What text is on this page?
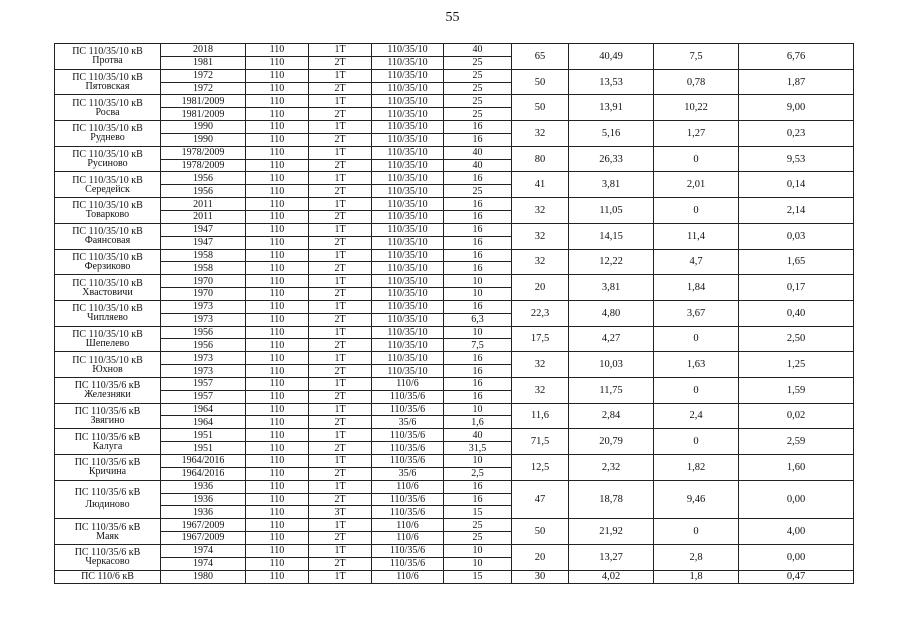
55
ПС 110/35/10 кВ	2018	110	1Т	110/35/10	40	65	40,49	7,5	6,76
Протва	1981	110	2Т	110/35/10	25				
ПС 110/35/10 кВ	1972	110	1Т	110/35/10	25	50	13,53	0,78	1,87
Пятовская	1972	110	2Т	110/35/10	25				
ПС 110/35/10 кВ	1981/2009	110	1Т	110/35/10	25	50	13,91	10,22	9,00
Росва	1981/2009	110	2Т	110/35/10	25				
ПС 110/35/10 кВ	1990	110	1Т	110/35/10	16	32	5,16	1,27	0,23
Руднево	1990	110	2Т	110/35/10	16				
ПС 110/35/10 кВ	1978/2009	110	1Т	110/35/10	40	80	26,33	0	9,53
Русиново	1978/2009	110	2Т	110/35/10	40				
ПС 110/35/10 кВ	1956	110	1Т	110/35/10	16	41	3,81	2,01	0,14
Середейск	1956	110	2Т	110/35/10	25				
ПС 110/35/10 кВ	2011	110	1Т	110/35/10	16	32	11,05	0	2,14
Товарково	2011	110	2Т	110/35/10	16				
ПС 110/35/10 кВ	1947	110	1Т	110/35/10	16	32	14,15	11,4	0,03
Фаянсовая	1947	110	2Т	110/35/10	16				
ПС 110/35/10 кВ	1958	110	1Т	110/35/10	16	32	12,22	4,7	1,65
Ферзиково	1958	110	2Т	110/35/10	16				
ПС 110/35/10 кВ	1970	110	1Т	110/35/10	10	20	3,81	1,84	0,17
Хвастовичи	1970	110	2Т	110/35/10	10				
ПС 110/35/10 кВ	1973	110	1Т	110/35/10	16	22,3	4,80	3,67	0,40
Чипляево	1973	110	2Т	110/35/10	6,3				
ПС 110/35/10 кВ	1956	110	1Т	110/35/10	10	17,5	4,27	0	2,50
Шепелево	1956	110	2Т	110/35/10	7,5				
ПС 110/35/10 кВ	1973	110	1Т	110/35/10	16	32	10,03	1,63	1,25
Юхнов	1973	110	2Т	110/35/10	16				
ПС 110/35/6 кВ	1957	110	1Т	110/6	16	32	11,75	0	1,59
Железняки	1957	110	2Т	110/35/6	16				
ПС 110/35/6 кВ	1964	110	1Т	110/35/6	10	11,6	2,84	2,4	0,02
Звягино	1964	110	2Т	35/6	1,6				
ПС 110/35/6 кВ	1951	110	1Т	110/35/6	40	71,5	20,79	0	2,59
Калуга	1951	110	2Т	110/35/6	31,5				
ПС 110/35/6 кВ	1964/2016	110	1Т	110/35/6	10	12,5	2,32	1,82	1,60
Кричина	1964/2016	110	2Т	35/6	2,5				

ПС 110/35/6 кВ
Людиново	1936	110	1Т	110/6	16	47	18,78	9,46	0,00
	1936	110	2Т	110/35/6	16				
	1936	110	3Т	110/35/6	15				
ПС 110/35/6 кВ	1967/2009	110	1Т	110/6	25	50	21,92	0	4,00
Маяк	1967/2009	110	2Т	110/6	25				
ПС 110/35/6 кВ	1974	110	1Т	110/35/6	10	20	13,27	2,8	0,00
Черкасово	1974	110	2Т	110/35/6	10				
ПС 110/6 кВ	1980	110	1Т	110/6	15	30	4,02	1,8	0,47
